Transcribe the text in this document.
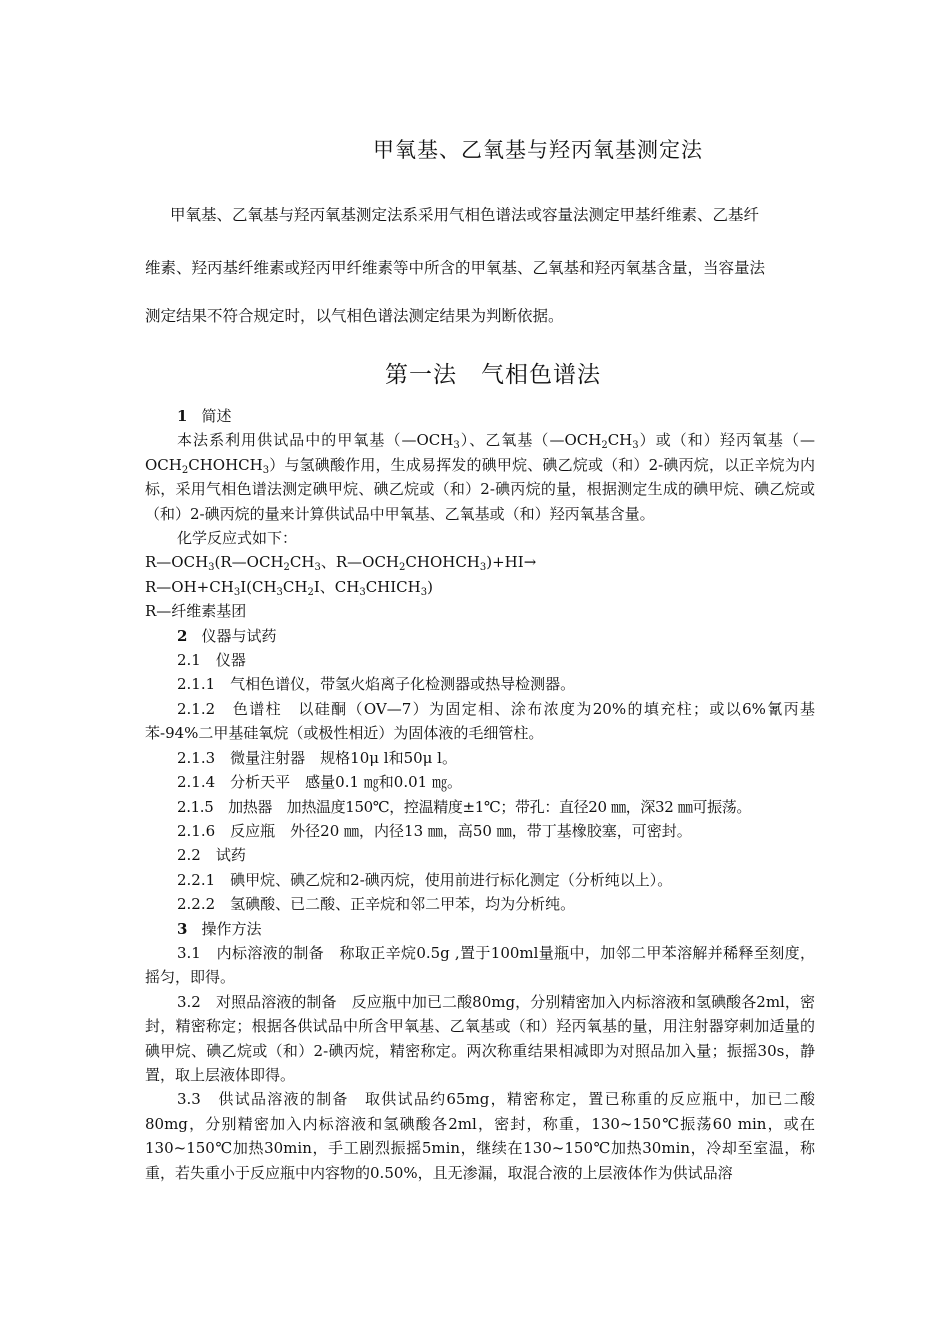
甲氧基、乙氧基与羟丙氧基测定法

甲氧基、乙氧基与羟丙氧基测定法系采用气相色谱法或容量法测定甲基纤维素、乙基纤

维素、羟丙基纤维素或羟丙甲纤维素等中所含的甲氧基、乙氧基和羟丙氧基含量，当容量法

测定结果不符合规定时，以气相色谱法测定结果为判断依据。

第一法　气相色谱法

1 简述

本法系利用供试品中的甲氧基$(—OCH_3)$、乙氧基$(—OCH_2CH_3)$或（和）羟丙氧基$(—OCH_2CHOHCH_3)$与氢碘酸作用，生成易挥发的碘甲烷、碘乙烷或（和）2-碘丙烷，以正辛烷为内标，采用气相色谱法测定碘甲烷、碘乙烷或（和）2-碘丙烷的量，根据测定生成的碘甲烷、碘乙烷或（和）2-碘丙烷的量来计算供试品中甲氧基、乙氧基或（和）羟丙氧基含量。

化学反应式如下：

$R—OCH_3(R—OCH_2CH_3$、$R—OCH_2CHOHCH_3)+HI\to$

$R—OH+CH_3I(CH_3CH_2I$、$CH_3CHICH_3$)

R—纤维素基团

2 仪器与试药

2.1　仪器

2.1.1　气相色谱仪，带氢火焰离子化检测器或热导检测器。

2.1.2　色谱柱　以硅酮（OV—7）为固定相、涂布浓度为20%的填充柱；或以6%氰丙基苯-94%二甲基硅氧烷（或极性相近）为固体液的毛细管柱。

2.1.3　微量注射器　规格10μ l和50μ l。

2.1.4　分析天平　感量0.1 ㎎和0.01 ㎎。

2.1.5　加热器　加热温度150℃，控温精度±1℃；带孔：直径20 ㎜，深32 ㎜可振荡。

2.1.6　反应瓶　外径20 ㎜，内径13 ㎜，高50 ㎜，带丁基橡胶塞，可密封。

2.2　试药

2.2.1　碘甲烷、碘乙烷和2-碘丙烷，使用前进行标化测定（分析纯以上）。

2.2.2　氢碘酸、已二酸、正辛烷和邻二甲苯，均为分析纯。

3 操作方法

3.1　内标溶液的制备　称取正辛烷0.5g ,置于100ml量瓶中，加邻二甲苯溶解并稀释至刻度，摇匀，即得。

3.2　对照品溶液的制备　反应瓶中加已二酸80mg，分别精密加入内标溶液和氢碘酸各2ml，密封，精密称定；根据各供试品中所含甲氧基、乙氧基或（和）羟丙氧基的量，用注射器穿刺加适量的碘甲烷、碘乙烷或（和）2-碘丙烷，精密称定。两次称重结果相减即为对照品加入量；振摇30s，静置，取上层液体即得。

3.3　供试品溶液的制备　取供试品约65mg，精密称定，置已称重的反应瓶中，加已二酸80mg，分别精密加入内标溶液和氢碘酸各2ml，密封，称重，130~150℃振荡60 min，或在130~150℃加热30min，手工剧烈振摇5min，继续在130~150℃加热30min，冷却至室温，称重，若失重小于反应瓶中内容物的0.50%，且无渗漏，取混合液的上层液体作为供试品溶
